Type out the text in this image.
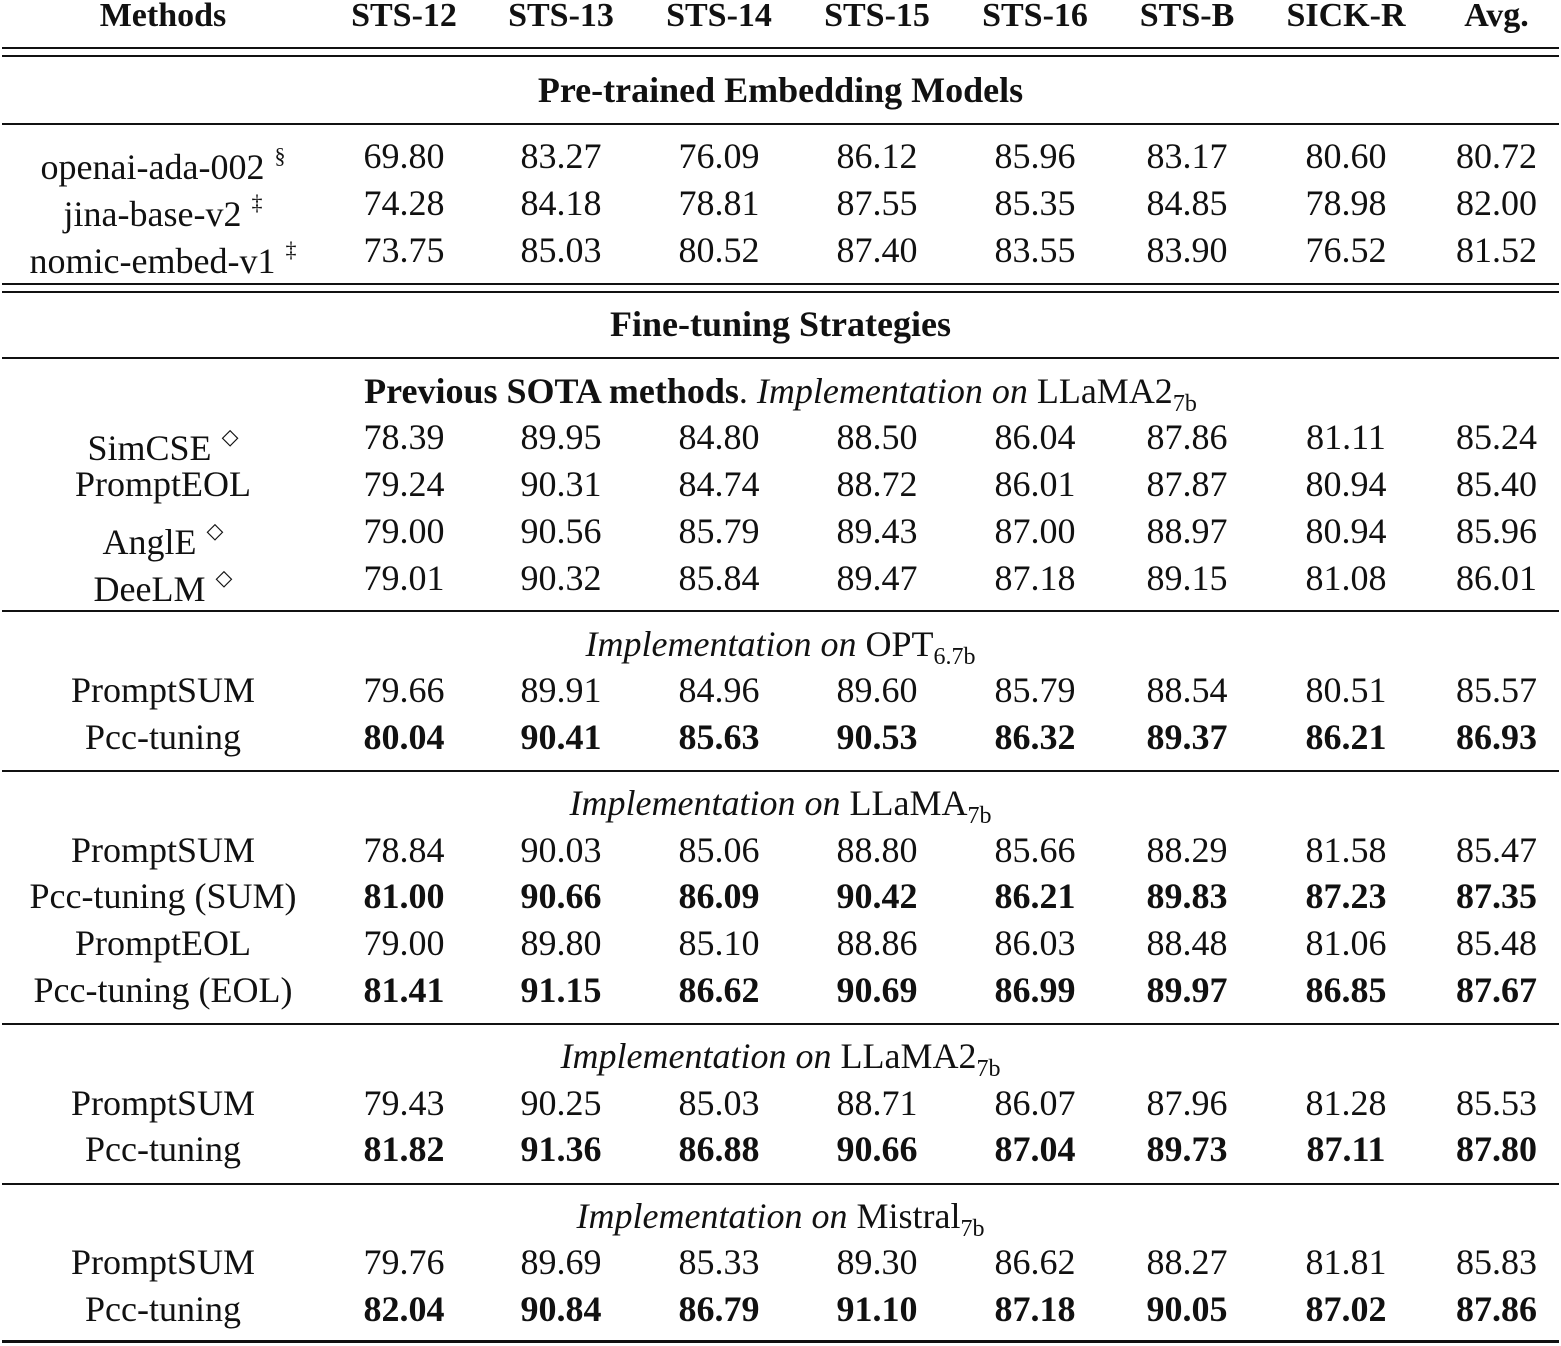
Methods	STS-12	STS-13	STS-14	STS-15	STS-16	STS-B	SICK-R	Avg.
Pre-trained Embedding Models
openai-ada-002 §	69.80	83.27	76.09	86.12	85.96	83.17	80.60	80.72
jina-base-v2 ‡	74.28	84.18	78.81	87.55	85.35	84.85	78.98	82.00
nomic-embed-v1 ‡	73.75	85.03	80.52	87.40	83.55	83.90	76.52	81.52
Fine-tuning Strategies
Previous SOTA methods. Implementation on $LLaMA2_{7b}$
SimCSE ◇	78.39	89.95	84.80	88.50	86.04	87.86	81.11	85.24
PromptEOL	79.24	90.31	84.74	88.72	86.01	87.87	80.94	85.40
AnglE ◇	79.00	90.56	85.79	89.43	87.00	88.97	80.94	85.96
DeeLM ◇	79.01	90.32	85.84	89.47	87.18	89.15	81.08	86.01
Implementation on $OPT_{6.7b}$
PromptSUM	79.66	89.91	84.96	89.60	85.79	88.54	80.51	85.57
Pcc-tuning	80.04	90.41	85.63	90.53	86.32	89.37	86.21	86.93
Implementation on LLaMA$_{7b}$
PromptSUM	78.84	90.03	85.06	88.80	85.66	88.29	81.58	85.47
Pcc-tuning (SUM)	81.00	90.66	86.09	90.42	86.21	89.83	87.23	87.35
PromptEOL	79.00	89.80	85.10	88.86	86.03	88.48	81.06	85.48
Pcc-tuning (EOL)	81.41	91.15	86.62	90.69	86.99	89.97	86.85	87.67
Implementation on $LLaMA2_{7b}$
PromptSUM	79.43	90.25	85.03	88.71	86.07	87.96	81.28	85.53
Pcc-tuning	81.82	91.36	86.88	90.66	87.04	89.73	87.11	87.80
Implementation on Mistral$_{7b}$
PromptSUM	79.76	89.69	85.33	89.30	86.62	88.27	81.81	85.83
Pcc-tuning	82.04	90.84	86.79	91.10	87.18	90.05	87.02	87.86
